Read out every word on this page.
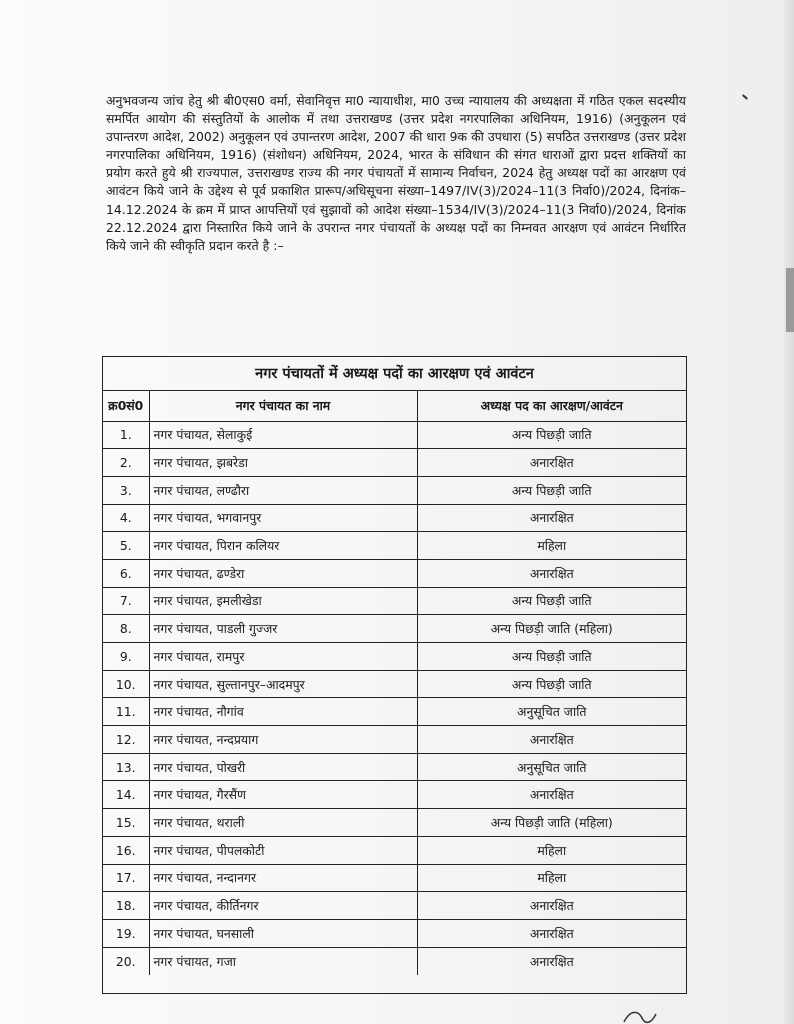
अनुभवजन्य जांच हेतु श्री बी0एस0 वर्मा, सेवानिवृत्त मा0 न्यायाधीश, मा0 उच्च न्यायालय की अध्यक्षता में गठित एकल सदस्यीय समर्पित आयोग की संस्तुतियों के आलोक में तथा उत्तराखण्ड (उत्तर प्रदेश नगरपालिका अधिनियम, 1916) (अनुकूलन एवं उपान्तरण आदेश, 2002) अनुकूलन एवं उपान्तरण आदेश, 2007 की धारा 9क की उपधारा (5) सपठित उत्तराखण्ड (उत्तर प्रदेश नगरपालिका अधिनियम, 1916) (संशोधन) अधिनियम, 2024, भारत के संविधान की संगत धाराओं द्वारा प्रदत्त शक्तियों का प्रयोग करते हुये श्री राज्यपाल, उत्तराखण्ड राज्य की नगर पंचायतों में सामान्य निर्वाचन, 2024 हेतु अध्यक्ष पदों का आरक्षण एवं आवंटन किये जाने के उद्देश्य से पूर्व प्रकाशित प्रारूप/अधिसूचना संख्या–1497/IV(3)/2024–11(3 निर्वा0)/2024, दिनांक–14.12.2024 के क्रम में प्राप्त आपत्तियों एवं सुझावों को आदेश संख्या–1534/IV(3)/2024–11(3 निर्वा0)/2024, दिनांक 22.12.2024 द्वारा निस्तारित किये जाने के उपरान्त नगर पंचायतों के अध्यक्ष पदों का निम्नवत आरक्षण एवं आवंटन निर्धारित किये जाने की स्वीकृति प्रदान करते है :–

नगर पंचायतों में अध्यक्ष पदों का आरक्षण एवं आवंटन
क्र0सं0	नगर पंचायत का नाम	अध्यक्ष पद का आरक्षण/आवंटन
1.	नगर पंचायत, सेलाकुई	अन्य पिछड़ी जाति
2.	नगर पंचायत, झबरेडा	अनारक्षित
3.	नगर पंचायत, लण्ढौरा	अन्य पिछड़ी जाति
4.	नगर पंचायत, भगवानपुर	अनारक्षित
5.	नगर पंचायत, पिरान कलियर	महिला
6.	नगर पंचायत, ढण्डेरा	अनारक्षित
7.	नगर पंचायत, इमलीखेडा	अन्य पिछड़ी जाति
8.	नगर पंचायत, पाडली गुज्जर	अन्य पिछड़ी जाति (महिला)
9.	नगर पंचायत, रामपुर	अन्य पिछड़ी जाति
10.	नगर पंचायत, सुल्तानपुर–आदमपुर	अन्य पिछड़ी जाति
11.	नगर पंचायत, नौगांव	अनुसूचित जाति
12.	नगर पंचायत, नन्दप्रयाग	अनारक्षित
13.	नगर पंचायत, पोखरी	अनुसूचित जाति
14.	नगर पंचायत, गैरसैंण	अनारक्षित
15.	नगर पंचायत, थराली	अन्य पिछड़ी जाति (महिला)
16.	नगर पंचायत, पीपलकोटी	महिला
17.	नगर पंचायत, नन्दानगर	महिला
18.	नगर पंचायत, कीर्तिनगर	अनारक्षित
19.	नगर पंचायत, घनसाली	अनारक्षित
20.	नगर पंचायत, गजा	अनारक्षित
